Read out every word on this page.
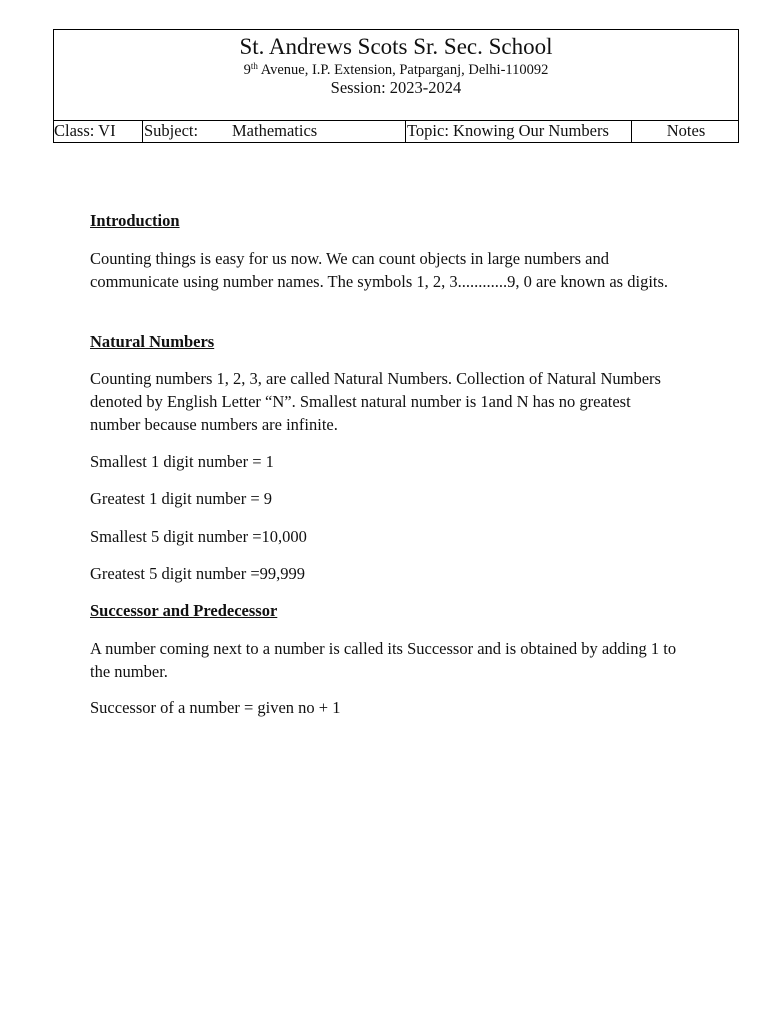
St. Andrews Scots Sr. Sec. School
9th Avenue, I.P. Extension, Patparganj, Delhi-110092
Session: 2023-2024
Class: VI	Subject: Mathematics	Topic: Knowing Our Numbers	Notes
Introduction
Counting things is easy for us now. We can count objects in large numbers and communicate using number names. The symbols 1, 2, 3............9, 0 are known as digits.
Natural Numbers
Counting numbers 1, 2, 3, are called Natural Numbers. Collection of Natural Numbers denoted by English Letter “N”. Smallest natural number is 1and N has no greatest number because numbers are infinite.
Smallest 1 digit number = 1
Greatest 1 digit number = 9
Smallest 5 digit number =10,000
Greatest 5 digit number =99,999
Successor and Predecessor
A number coming next to a number is called its Successor and is obtained by adding 1 to the number.
Successor of a number = given no + 1
